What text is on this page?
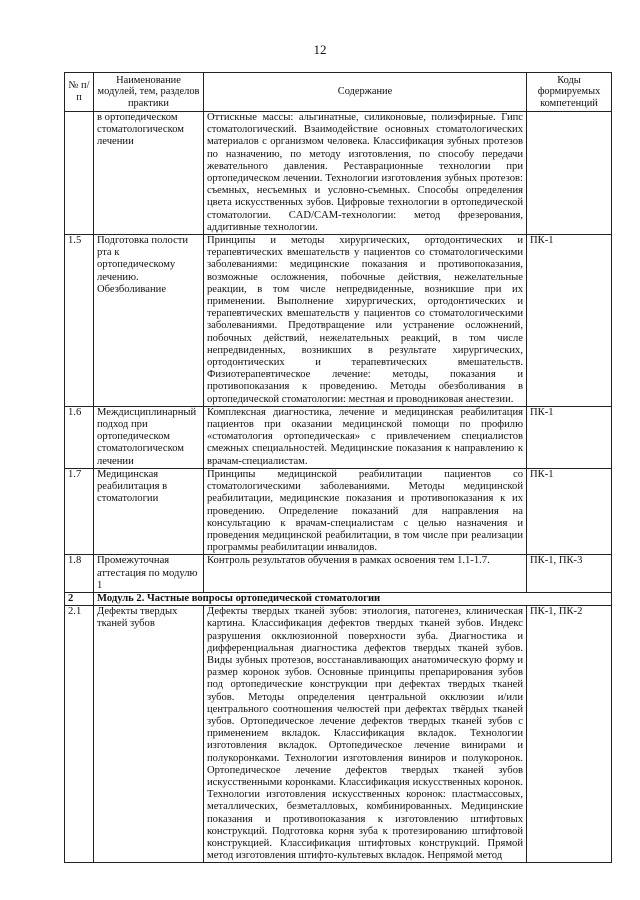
12
№ п/п	Наименование модулей, тем, разделов практики	Содержание	Коды формируемых компетенций
	в ортопедическом стоматологическом лечении	Оттискные массы: альгинатные, силиконовые, полиэфирные. Гипс стоматологический. Взаимодействие основных стоматологических материалов с организмом человека. Классификация зубных протезов по назначению, по методу изготовления, по способу передачи жевательного давления. Реставрационные технологии при ортопедическом лечении. Технологии изготовления зубных протезов: съемных, несъемных и условно-съемных. Способы определения цвета искусственных зубов. Цифровые технологии в ортопедической стоматологии. CAD/CAM-технологии: метод фрезерования, аддитивные технологии.	
1.5	Подготовка полости рта к ортопедическому лечению. Обезболивание	Принципы и методы хирургических, ортодонтических и терапевтических вмешательств у пациентов со стоматологическими заболеваниями: медицинские показания и противопоказания, возможные осложнения, побочные действия, нежелательные реакции, в том числе непредвиденные, возникшие при их применении. Выполнение хирургических, ортодонтических и терапевтических вмешательств у пациентов со стоматологическими заболеваниями. Предотвращение или устранение осложнений, побочных действий, нежелательных реакций, в том числе непредвиденных, возникших в результате хирургических, ортодонтических и терапевтических вмешательств. Физиотерапевтическое лечение: методы, показания и противопоказания к проведению. Методы обезболивания в ортопедической стоматологии: местная и проводниковая анестезии.	ПК-1
1.6	Междисциплинарный подход при ортопедическом стоматологическом лечении	Комплексная диагностика, лечение и медицинская реабилитация пациентов при оказании медицинской помощи по профилю «стоматология ортопедическая» с привлечением специалистов смежных специальностей. Медицинские показания к направлению к врачам-специалистам.	ПК-1
1.7	Медицинская реабилитация в стоматологии	Принципы медицинской реабилитации пациентов со стоматологическими заболеваниями. Методы медицинской реабилитации, медицинские показания и противопоказания к их проведению. Определение показаний для направления на консультацию к врачам-специалистам с целью назначения и проведения медицинской реабилитации, в том числе при реализации программы реабилитации инвалидов.	ПК-1
1.8	Промежуточная аттестация по модулю 1	Контроль результатов обучения в рамках освоения тем 1.1-1.7.	ПК-1, ПК-3
2	Модуль 2. Частные вопросы ортопедической стоматологии		
2.1	Дефекты твердых тканей зубов	Дефекты твердых тканей зубов: этиология, патогенез, клиническая картина. Классификация дефектов твердых тканей зубов. Индекс разрушения окклюзионной поверхности зуба. Диагностика и дифференциальная диагностика дефектов твердых тканей зубов. Виды зубных протезов, восстанавливающих анатомическую форму и размер коронок зубов. Основные принципы препарирования зубов под ортопедические конструкции при дефектах твердых тканей зубов. Методы определения центральной окклюзии и/или центрального соотношения челюстей при дефектах твёрдых тканей зубов. Ортопедическое лечение дефектов твердых тканей зубов с применением вкладок. Классификация вкладок. Технологии изготовления вкладок. Ортопедическое лечение винирами и полукоронками. Технологии изготовления виниров и полукоронок. Ортопедическое лечение дефектов твердых тканей зубов искусственными коронками. Классификация искусственных коронок. Технологии изготовления искусственных коронок: пластмассовых, металлических, безметалловых, комбинированных. Медицинские показания и противопоказания к изготовлению штифтовых конструкций. Подготовка корня зуба к протезированию штифтовой конструкцией. Классификация штифтовых конструкций. Прямой метод изготовления штифто-культевых вкладок. Непрямой метод	ПК-1, ПК-2
